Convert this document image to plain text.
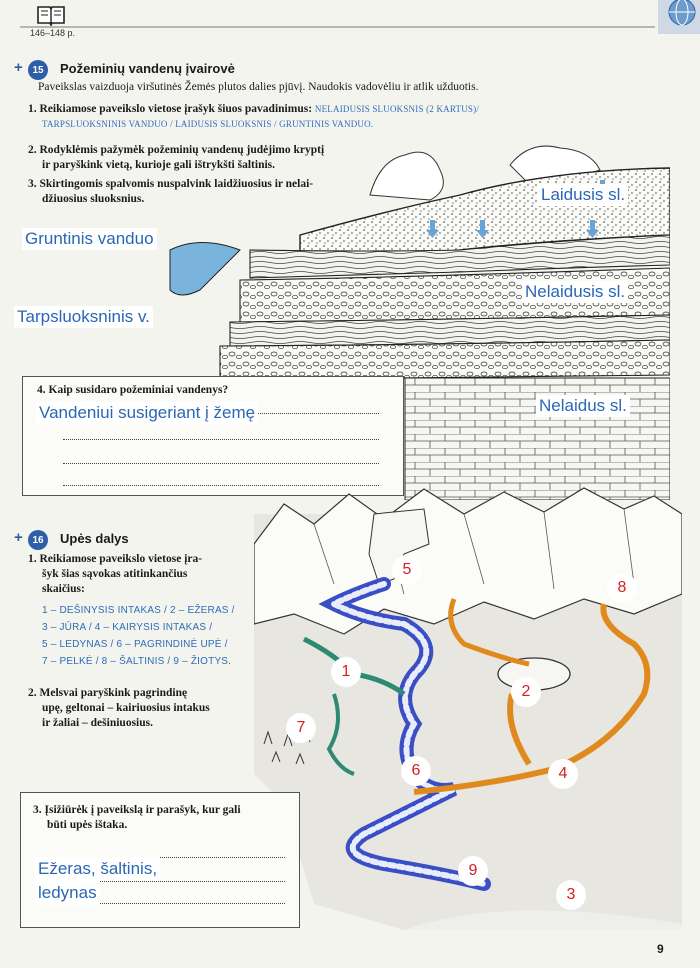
146–148 p.
+ 15	Požeminių vandenų įvairovė
Paveikslas vaizduoja viršutinės Žemės plutos dalies pjūvį. Naudokis vadovėliu ir atlik užduotis.
1. Reikiamose paveikslo vietose įrašyk šiuos pavadinimus: NELAIDUSIS SLUOKSNIS (2 KARTUS)/
TARPSLUOKSNINIS VANDUO / LAIDUSIS SLUOKSNIS / GRUNTINIS VANDUO.
2. Rodyklėmis pažymėk požeminių vandenų judėjimo kryptį
ir paryškink vietą, kurioje gali ištrykšti šaltinis.
3. Skirtingomis spalvomis nuspalvink laidžiuosius ir nelai-
džiuosius sluoksnius.	Laidusis sl.
Gruntinis vanduo
Nelaidusis sl.
Tarpsluoksninis v.
Nelaidus sl.
4. Kaip susidaro požeminiai vandenys?
Vandeniui susigeriant į žemę
+ 16	Upės dalys
1. Reikiamose paveikslo vietose įra-
šyk šias sąvokas atitinkančius
skaičius:
1 – DEŠINYSIS INTAKAS / 2 – EŽERAS /
3 – JŪRA / 4 – KAIRYSIS INTAKAS /
5 – LEDYNAS / 6 – PAGRINDINĖ UPĖ /
7 – PELKĖ / 8 – ŠALTINIS / 9 – ŽIOTYS.
2. Melsvai paryškink pagrindinę
upę, geltonai – kairiuosius intakus
ir žaliai – dešiniuosius.
1
2
3
4
5
6
7
8
9
3. Įsižiūrėk į paveikslą ir parašyk, kur gali
būti upės ištaka.
Ežeras, šaltinis,
ledynas
9
